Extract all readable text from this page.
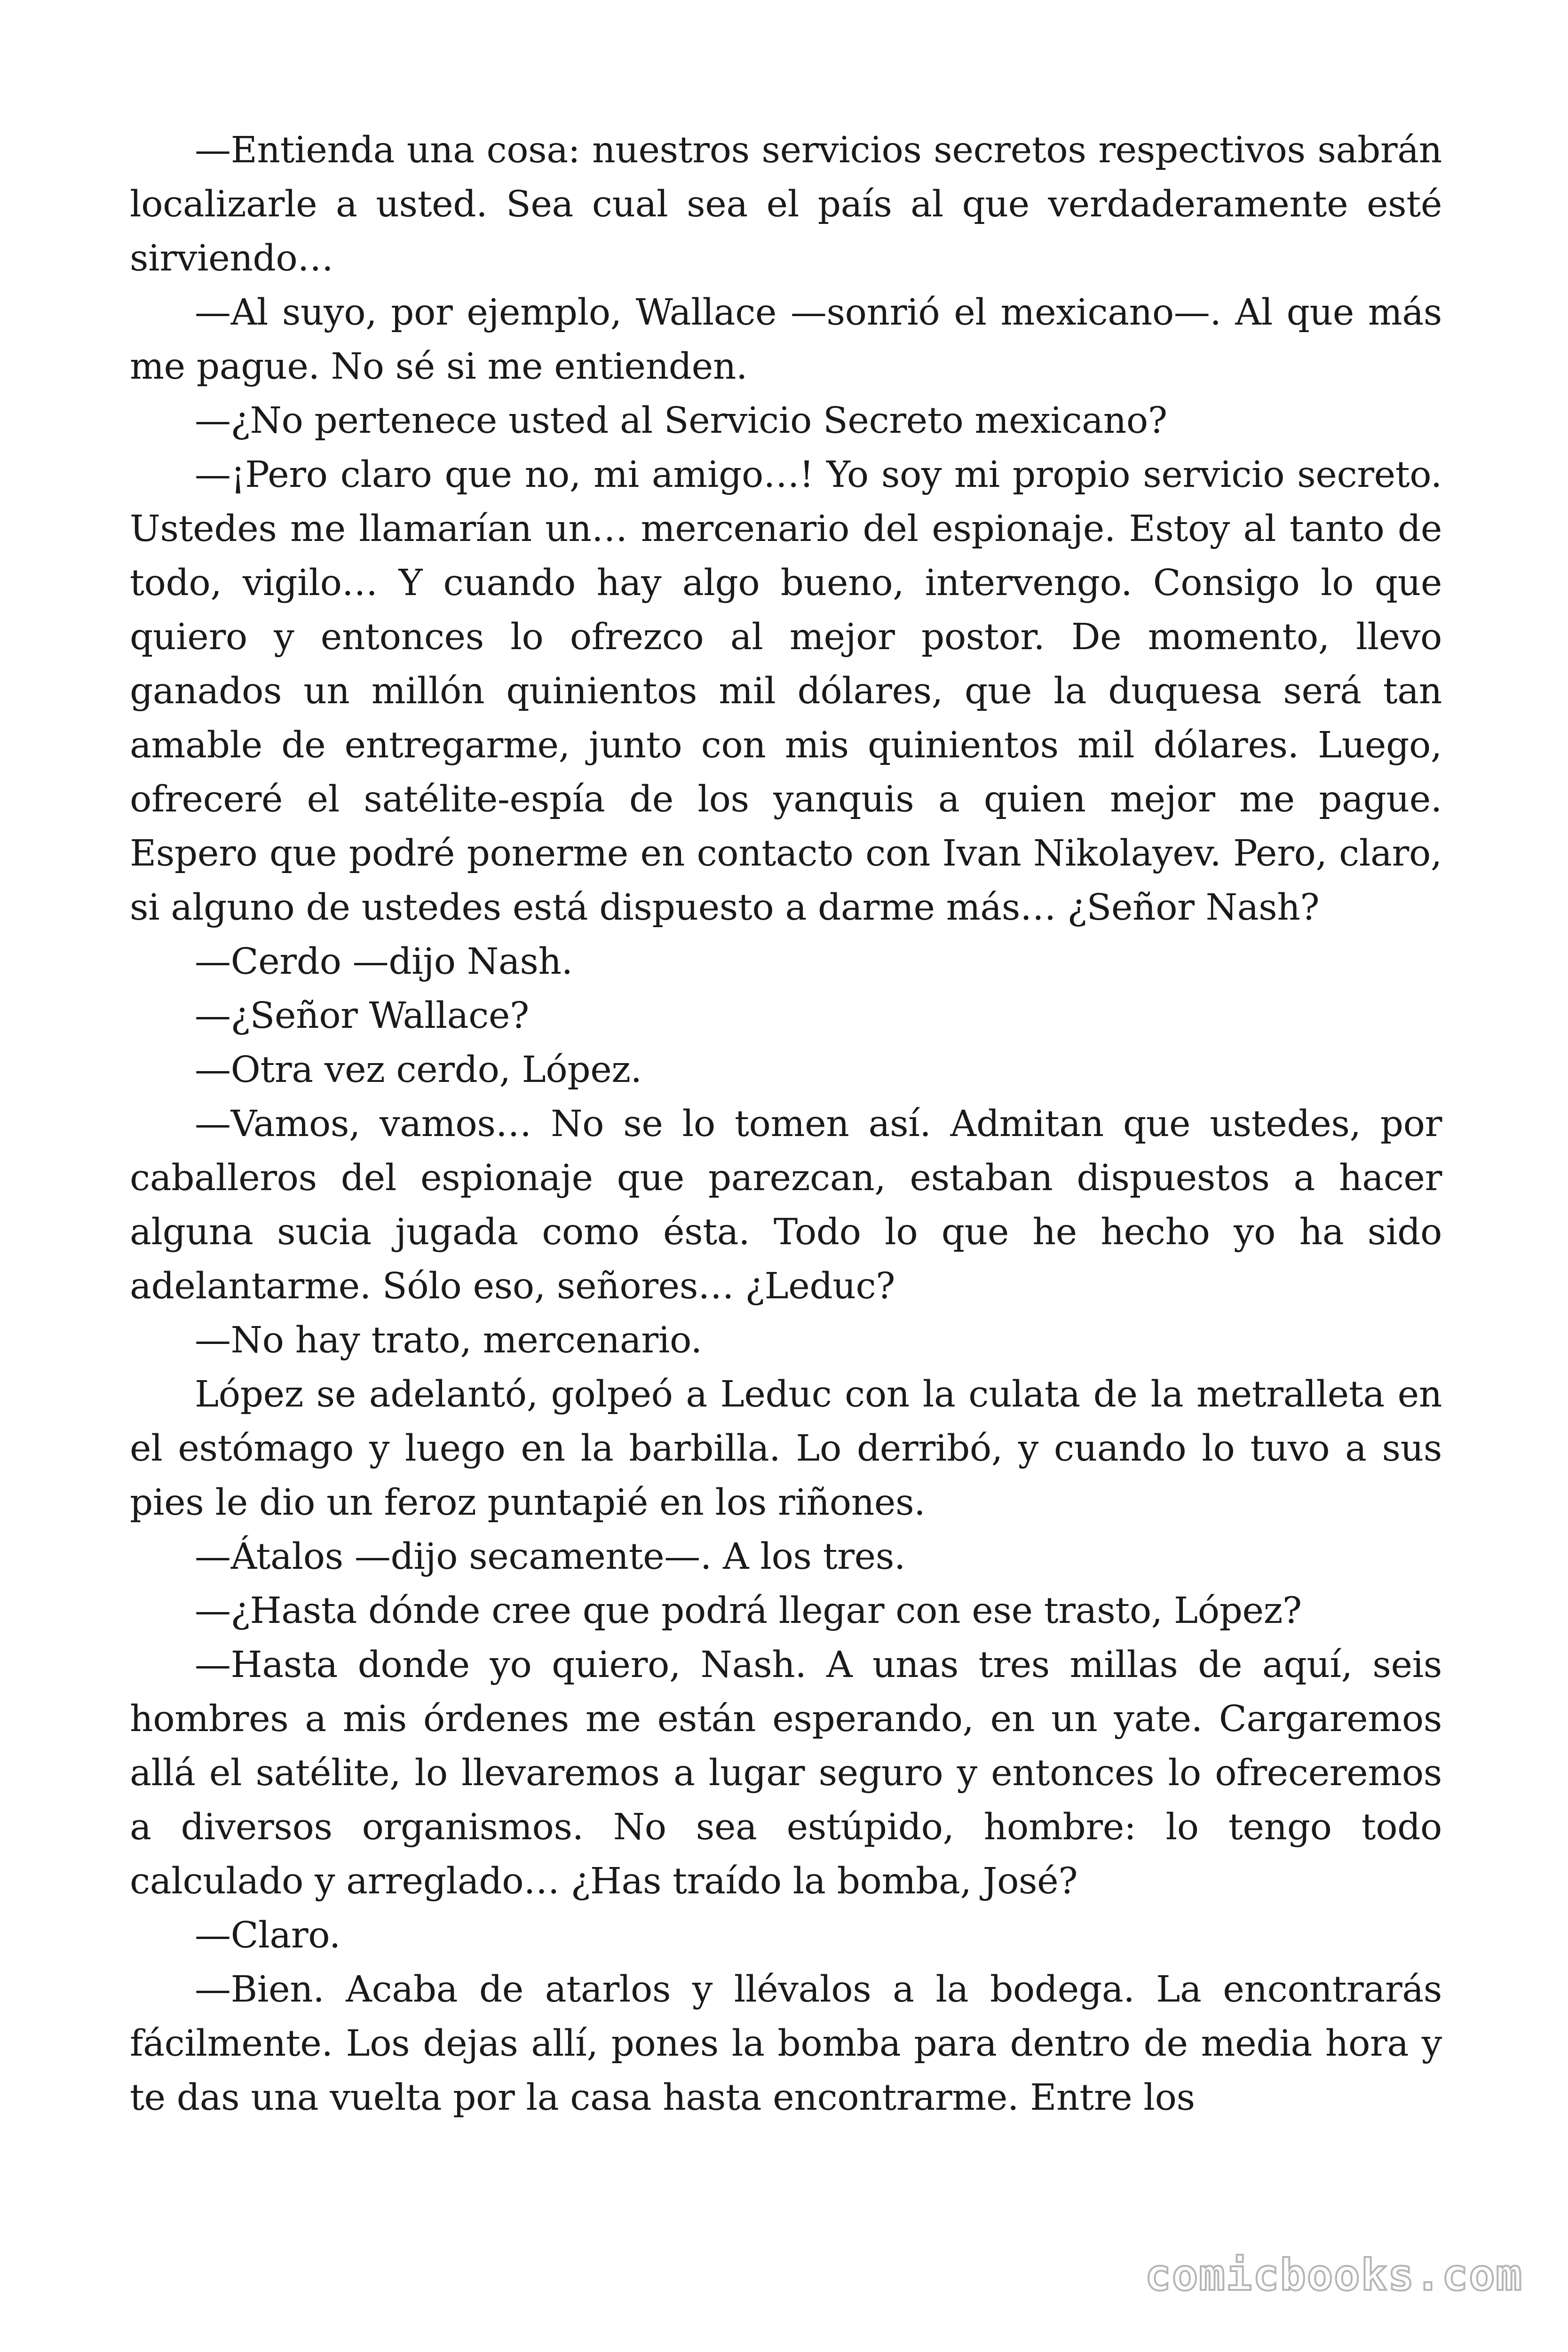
—Entienda una cosa: nuestros servicios secretos respectivos sabrán localizarle a usted. Sea cual sea el país al que verdaderamente esté sirviendo…

—Al suyo, por ejemplo, Wallace —sonrió el mexicano—. Al que más me pague. No sé si me entienden.

—¿No pertenece usted al Servicio Secreto mexicano?

—¡Pero claro que no, mi amigo…! Yo soy mi propio servicio secreto. Ustedes me llamarían un… mercenario del espionaje. Estoy al tanto de todo, vigilo… Y cuando hay algo bueno, intervengo. Consigo lo que quiero y entonces lo ofrezco al mejor postor. De momento, llevo ganados un millón quinientos mil dólares, que la duquesa será tan amable de entregarme, junto con mis quinientos mil dólares. Luego, ofreceré el satélite-espía de los yanquis a quien mejor me pague. Espero que podré ponerme en contacto con Ivan Nikolayev. Pero, claro, si alguno de ustedes está dispuesto a darme más… ¿Señor Nash?

—Cerdo —dijo Nash.

—¿Señor Wallace?

—Otra vez cerdo, López.

—Vamos, vamos… No se lo tomen así. Admitan que ustedes, por caballeros del espionaje que parezcan, estaban dispuestos a hacer alguna sucia jugada como ésta. Todo lo que he hecho yo ha sido adelantarme. Sólo eso, señores… ¿Leduc?

—No hay trato, mercenario.

López se adelantó, golpeó a Leduc con la culata de la metralleta en el estómago y luego en la barbilla. Lo derribó, y cuando lo tuvo a sus pies le dio un feroz puntapié en los riñones.

—Átalos —dijo secamente—. A los tres.

—¿Hasta dónde cree que podrá llegar con ese trasto, López?

—Hasta donde yo quiero, Nash. A unas tres millas de aquí, seis hombres a mis órdenes me están esperando, en un yate. Cargaremos allá el satélite, lo llevaremos a lugar seguro y entonces lo ofreceremos a diversos organismos. No sea estúpido, hombre: lo tengo todo calculado y arreglado… ¿Has traído la bomba, José?

—Claro.

—Bien. Acaba de atarlos y llévalos a la bodega. La encontrarás fácilmente. Los dejas allí, pones la bomba para dentro de media hora y te das una vuelta por la casa hasta encontrarme. Entre los

comicbooks.com
